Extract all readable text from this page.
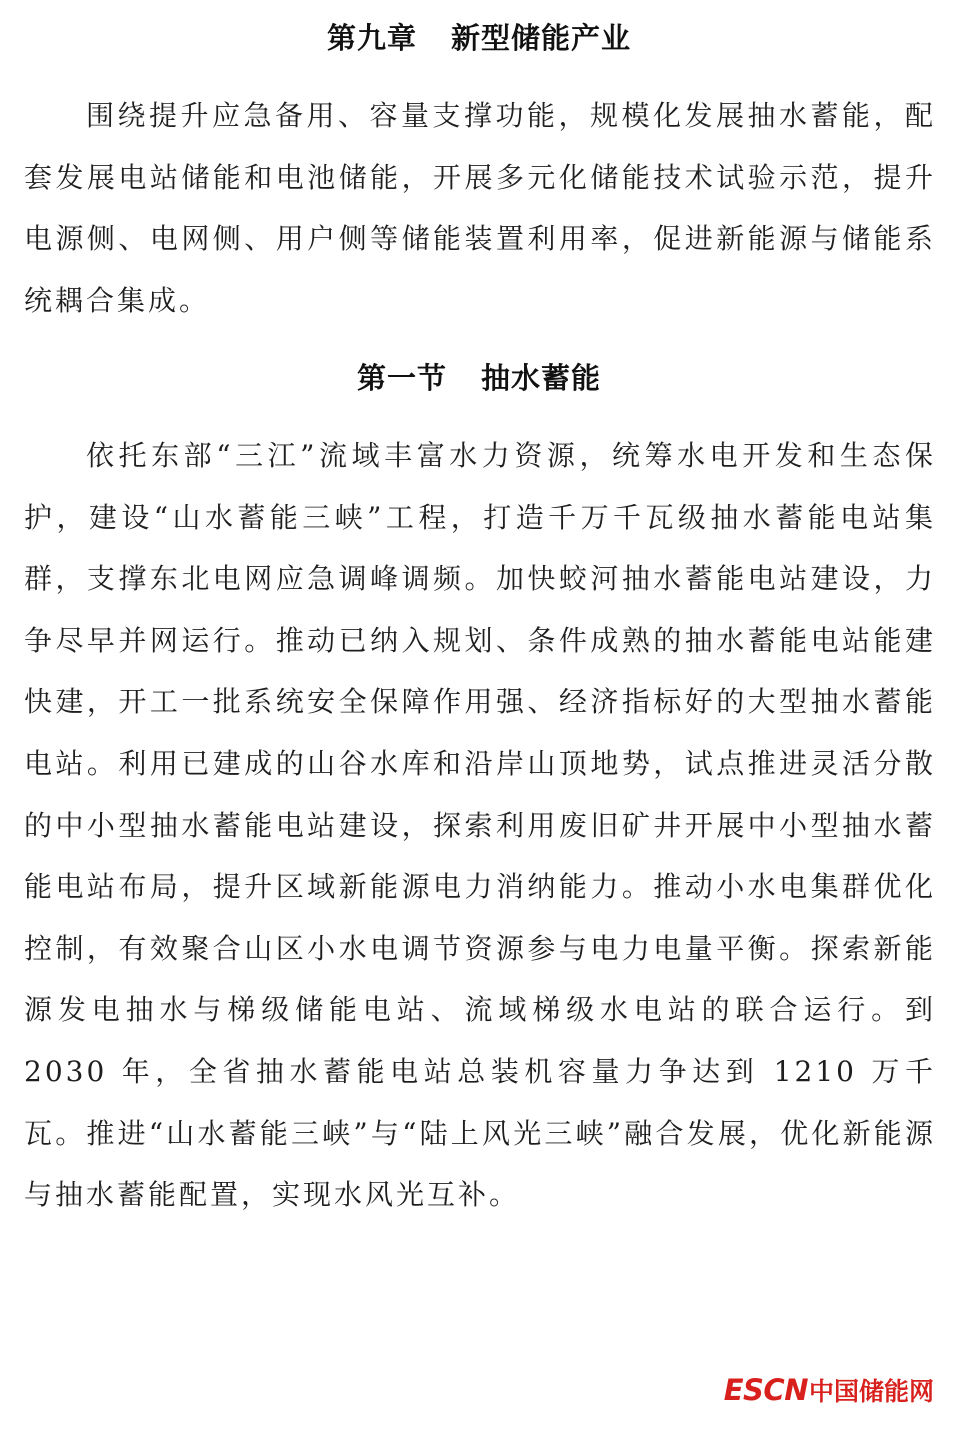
第九章 新型储能产业

围绕提升应急备用、容量支撑功能，规模化发展抽水蓄能，配套发展电站储能和电池储能，开展多元化储能技术试验示范，提升电源侧、电网侧、用户侧等储能装置利用率，促进新能源与储能系统耦合集成。

第一节 抽水蓄能

依托东部“三江”流域丰富水力资源，统筹水电开发和生态保护，建设“山水蓄能三峡”工程，打造千万千瓦级抽水蓄能电站集群，支撑东北电网应急调峰调频。加快蛟河抽水蓄能电站建设，力争尽早并网运行。推动已纳入规划、条件成熟的抽水蓄能电站能建快建，开工一批系统安全保障作用强、经济指标好的大型抽水蓄能电站。利用已建成的山谷水库和沿岸山顶地势，试点推进灵活分散的中小型抽水蓄能电站建设，探索利用废旧矿井开展中小型抽水蓄能电站布局，提升区域新能源电力消纳能力。推动小水电集群优化控制，有效聚合山区小水电调节资源参与电力电量平衡。探索新能源发电抽水与梯级储能电站、流域梯级水电站的联合运行。到 2030 年，全省抽水蓄能电站总装机容量力争达到 1210 万千瓦。推进“山水蓄能三峡”与“陆上风光三峡”融合发展，优化新能源与抽水蓄能配置，实现水风光互补。

ESCN 中国储能网
